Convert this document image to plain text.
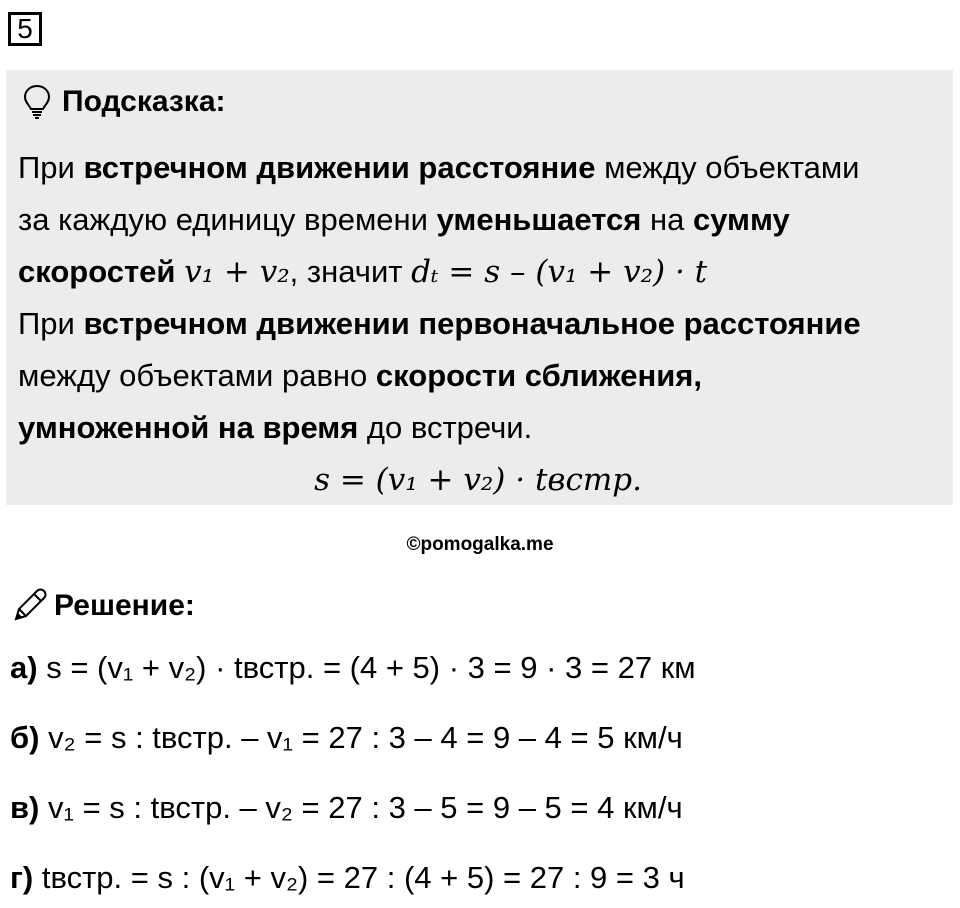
5
Подсказка:
При встречном движении расстояние между объектами
за каждую единицу времени уменьшается на сумму
скоростей v₁ + v₂, значит dₜ = s – (v₁ + v₂) · t
При встречном движении первоначальное расстояние
между объектами равно скорости сближения,
умноженной на время до встречи.
s = (v₁ + v₂) · tвстр.
©pomogalka.me
Решение:
а) s = (v₁ + v₂) · tвстр. = (4 + 5) · 3 = 9 · 3 = 27 км
б) v₂ = s : tвстр. – v₁ = 27 : 3 – 4 = 9 – 4 = 5 км/ч
в) v₁ = s : tвстр. – v₂ = 27 : 3 – 5 = 9 – 5 = 4 км/ч
г) tвстр. = s : (v₁ + v₂) = 27 : (4 + 5) = 27 : 9 = 3 ч
